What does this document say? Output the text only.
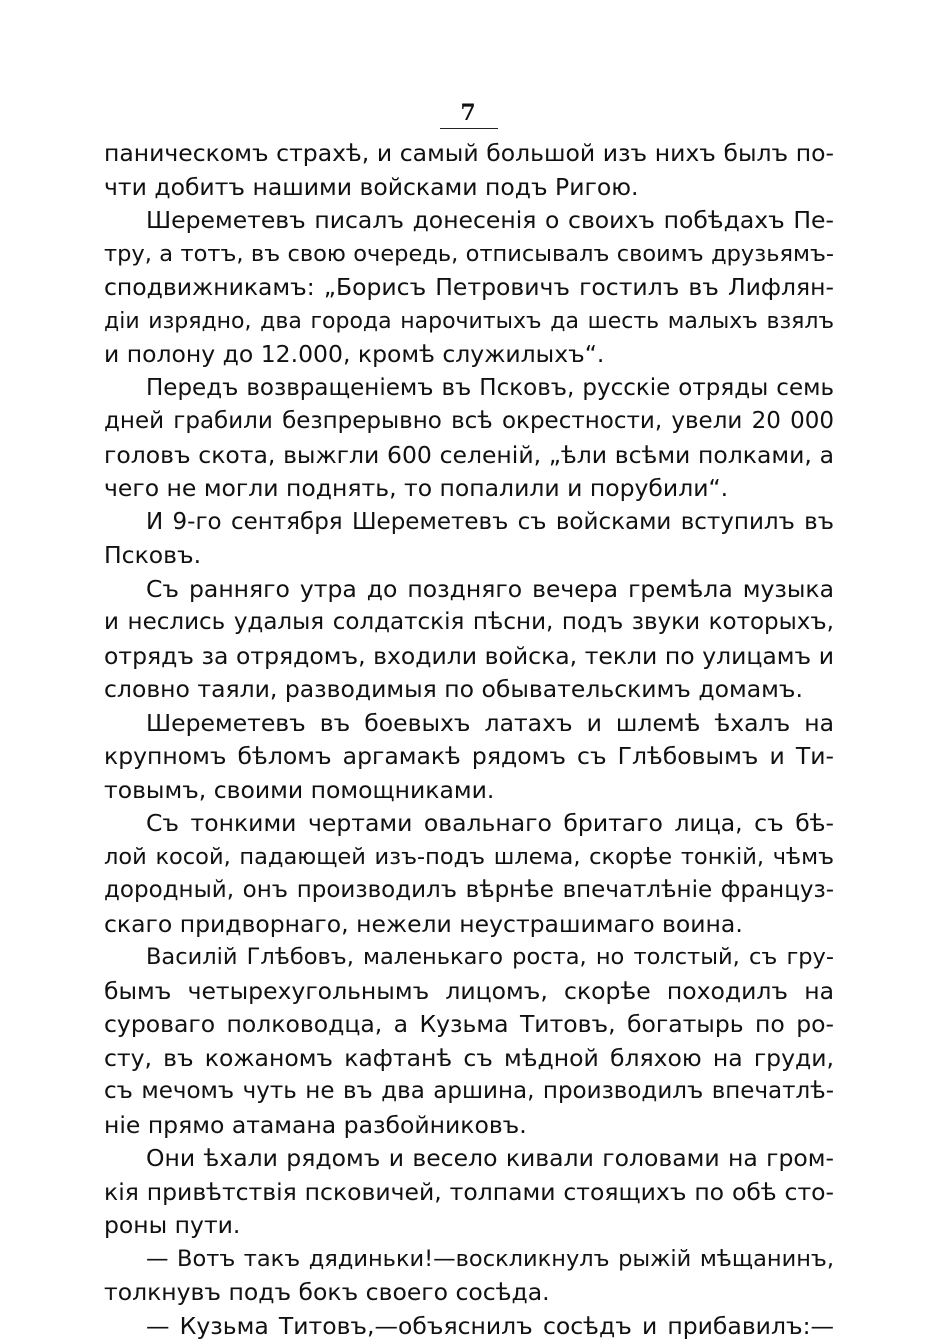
7
паническомъ страхѣ, и самый большой изъ нихъ былъ по-
чти добитъ нашими войсками подъ Ригою.
Шереметевъ писалъ донесенія о своихъ побѣдахъ Пе-
тру, а тотъ, въ свою очередь, отписывалъ своимъ друзьямъ-
сподвижникамъ: „Борисъ Петровичъ гостилъ въ Лифлян-
діи изрядно, два города нарочитыхъ да шесть малыхъ взялъ
и полону до 12.000, кромѣ служилыхъ“.
Передъ возвращеніемъ въ Псковъ, русскіе отряды семь
дней грабили безпрерывно всѣ окрестности, увели 20 000
головъ скота, выжгли 600 селеній, „ѣли всѣми полками, а
чего не могли поднять, то попалили и порубили“.
И 9-го сентября Шереметевъ съ войсками вступилъ въ
Псковъ.
Съ ранняго утра до поздняго вечера гремѣла музыка
и неслись удалыя солдатскія пѣсни, подъ звуки которыхъ,
отрядъ за отрядомъ, входили войска, текли по улицамъ и
словно таяли, разводимыя по обывательскимъ домамъ.
Шереметевъ въ боевыхъ латахъ и шлемѣ ѣхалъ на
крупномъ бѣломъ аргамакѣ рядомъ съ Глѣбовымъ и Ти-
товымъ, своими помощниками.
Съ тонкими чертами овальнаго бритаго лица, съ бѣ-
лой косой, падающей изъ-подъ шлема, скорѣе тонкій, чѣмъ
дородный, онъ производилъ вѣрнѣе впечатлѣніе француз-
скаго придворнаго, нежели неустрашимаго воина.
Василій Глѣбовъ, маленькаго роста, но толстый, съ гру-
бымъ четырехугольнымъ лицомъ, скорѣе походилъ на
суроваго полководца, а Кузьма Титовъ, богатырь по ро-
сту, въ кожаномъ кафтанѣ съ мѣдной бляхою на груди,
съ мечомъ чуть не въ два аршина, производилъ впечатлѣ-
ніе прямо атамана разбойниковъ.
Они ѣхали рядомъ и весело кивали головами на гром-
кія привѣтствія псковичей, толпами стоящихъ по обѣ сто-
роны пути.
— Вотъ такъ дядиньки!—воскликнулъ рыжій мѣщанинъ,
толкнувъ подъ бокъ своего сосѣда.
— Кузьма Титовъ,—объяснилъ сосѣдъ и прибавилъ:—
